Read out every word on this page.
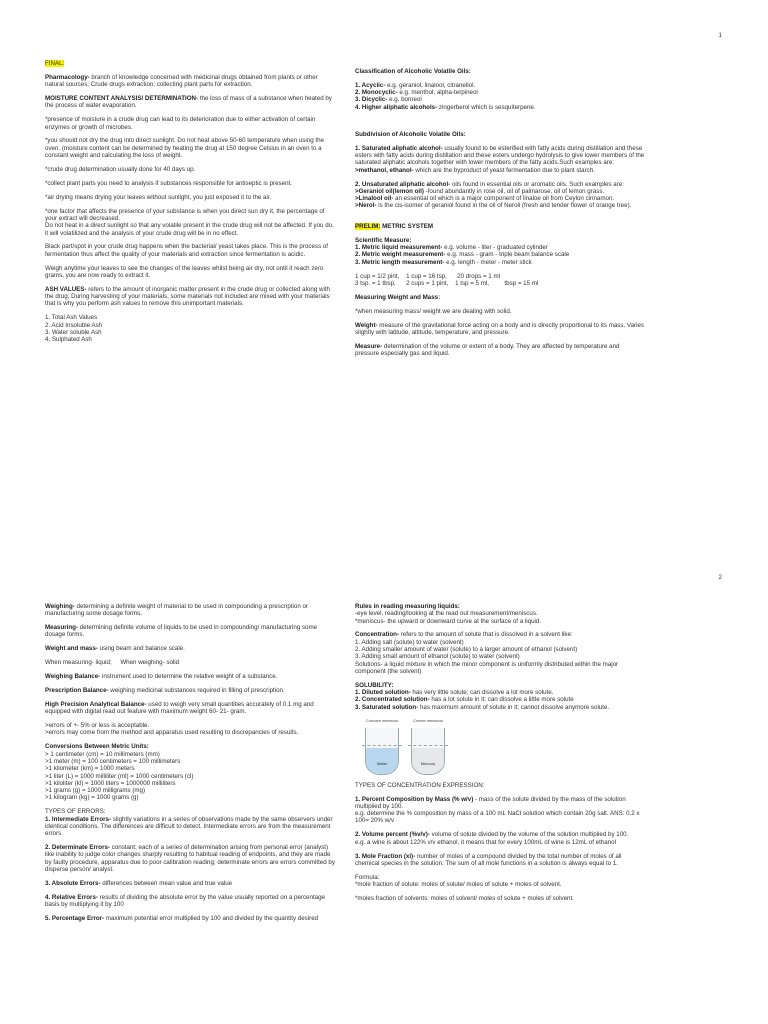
1

FINAL:

Pharmacology- branch of knowledge concerned with medicinal drugs obtained from plants or other natural sources; Crude drugs extraction; collecting plant parts for extraction.

MOISTURE CONTENT ANALYSIS/ DETERMINATION- the loss of mass of a substance when heated by the process of water evaporation.

*presence of moisture in a crude drug can lead to its deterioration due to either activation of certain enzymes or growth of microbes.

*you should not dry the drug into direct sunlight. Do not heat above 50-60 temperature when using the oven. (moisture content can be determined by heating the drug at 150 degree Celsius in an oven to a constant weight and calculating the loss of weight.

*crude drug determination usually done for 40 days up.

*collect plant parts you need to analysis if substances responsible for antiseptic is present.

*air drying means drying your leaves without sunlight, you just exposed it to the air.

*one factor that affects the presence of your substance is when you direct sun dry it, the percentage of your extract will decreased.

Do not heat in a direct sunlight so that any volatile present in the crude drug will not be affected. If you do, it will volatilized and the analysis of your crude drug will be in no effect.

Black part/spot in your crude drug happens when the bacterial/ yeast takes place. This is the process of fermentation thus affect the quality of your materials and extraction since fermentation is acidic.

Weigh anytime your leaves to see the changes of the leaves whilst being air dry, not until it reach zero grams, you are now ready to extract it.

ASH VALUES- refers to the amount of inorganic matter present in the crude drug or collected along with the drug; During harvesting of your materials, some materials not included are mixed with your materials that is why you perform ash values to remove this unimportant materials.

1. Total Ash Values
2. Acid Insoluble Ash
3. Water soluble Ash
4. Sulphated Ash

Classification of Alcoholic Volatile Oils:

1. Acyclic- e.g. geraniol, linalool, citranellol.
2. Monocyclic- e.g. menthol, alpha-terpineol
3. Dicyclic- e.g. borneol
4. Higher aliphatic alcohols- zingerberol which is sesquiterpene.

Subdivision of Alcoholic Volatile Oils:

1. Saturated aliphatic alcohol- usually found to be esterified with fatty acids during distillation and these esters with fatty acids during distillation and these esters undergo hydrolysis to give lower members of the saturated aliphatic alcohols together with lower members of the fatty acids.Such examples are:
>methanol, ethanol- which are the byproduct of yeast fermentation due to plant starch.

2. Unsaturated aliphatic alcohol- oils found in essential oils or aromatic oils. Such examples are:
>Geraniol oil(lemon oil) -found abundantly in rose oil, oil of palmarose, oil of lemon grass.
>Linalool oil- an essential oil which is a major component of linaloe oil from Ceylon cinnamon.
>Nerol- is the cis-isomer of geraniol found in the oil of Neroli (fresh and tender flower of orange tree).

PRELIM: METRIC SYSTEM

Scientific Measure:
1. Metric liquid measurement- e.g. volume - liter - graduated cylinder
2. Metric weight measurement- e.g. mass - gram - triple beam balance scale
3. Metric length measurement- e.g. length - meter - meter stick

1 cup = 1/2 pint,    1 cup = 16 tsp,      20 drops = 1 ml
3 tsp. = 1 tbsp,      2 cups = 1 pint,    1 tsp = 5 ml,         tbsp = 15 ml

Measuring Weight and Mass:

*when measuring mass/ weight we are dealing with solid.

Weight- measure of the gravitational force acting on a body and is directly proportional to its mass. Varies slightly with latitude, altitude, temperature, and pressure.

Measure- determination of the volume or extent of a body. They are affected by temperature and pressure especially gas and liquid.

2

Weighing- determining a definite weight of material to be used in compounding a prescription or manufacturing some dosage forms.

Measuring- determining definite volume of liquids to be used in compounding/ manufacturing some dosage forms.

Weight and mass- using beam and balance scale.

When measuring- liquid;     When weighing- solid

Weighing Balance- instrument used to determine the relative weight of a substance.

Prescription Balance- weighing medicinal substances required in filling of prescription.

High Precision Analytical Balance- used to weigh very small quantities accurately of 0.1 mg and equipped with digital read out feature with maximum weight 60- 21- gram.

>errors of +- 5% or less is acceptable.
>errors may come from the method and apparatus used resulting to discrepancies of results.

Conversions Between Metric Units:

> 1 centimeter (cm) = 10 millimeters (mm)
>1 meter (m) = 100 centimeters = 100 millimeters
>1 kilometer (km) = 1000 meters
>1 liter (L) = 1000 milliliter (ml) = 1000 centimeters (cl)
>1 kiloliter (kl) = 1000 liters = 1000000 milliliters
>1 grams (g) = 1000 milligrams (mg)
>1 kilogram (kg) = 1000 grams (g)

TYPES OF ERRORS:

1. Intermediate Errors- slightly variations in a series of observations made by the same observers under identical conditions. The differences are difficult to detect. Intermediate errors are from the measurement errors

2. Determinate Errors- constant; each of a series of determination arising from personal error (analyst) like inability to judge color changes sharply resulting to habitual reading of endpoints, and they are made by faulty procedure, apparatus due to poor calibration reading; determinate errors are errors committed by disperse person/ analyst.

3. Absolute Errors- differences between mean value and true value

4. Relative Errors- results of dividing the absolute error by the value usually reported on a percentage basis by multiplying it by 100

5. Percentage Error- maximum potential error multiplied by 100 and divided by the quantity desired

Rules in reading measuring liquids:
-eye level, reading/looking at the read out measurement/meniscus.
*meniscus- the upward or downward curve at the surface of a liquid.

Concentration- refers to the amount of solute that is dissolved in a solvent like:

1. Adding salt (solute) to water (solvent)
2. Adding smaller amount of water (solute) to a larger amount of ethanol (solvent)
3. Adding small amount of ethanol (solute) to water (solvent)
Solutions- a liquid mixture in which the minor component is uniformly distributed within the major component (the solvent)

SOLUBILITY:
1. Diluted solution- has very little solute; can dissolve a lot more solute.
2. Concentrated solution- has a lot solute in it; can dissolve a little more solute
3. Saturated solution- has maximum amount of solute in it; cannot dissolve anymore solute.

Concave meniscus
Water
Convex meniscus
Mercury

TYPES OF CONCENTRATION EXPRESSION:

1. Percent Composition by Mass (% w/v) - mass of the solute divided by the mass of the solution multiplied by 100.
e.g. determine the % composition by mass of a 100 mL NaCl solution which contain 20g salt. ANS: 0.2 x 100= 20% w/v

2. Volume percent (%v/v)- volume of solute divided by the volume of the solution multiplied by 100.
e.g. a wine is about 122% v/v ethanol, it means that for every 100mL of wine is 12mL of ethanol

3. Mole Fraction (xi)- number of moles of a compound divided by the total number of moles of all chemical species in the solution. The sum of all mole functions in a solution is always equal to 1.

Formula:
*mole fraction of solute: moles of solute/ moles of solute + moles of solvent.

*moles fraction of solvents: moles of solvent/ moles of solute + moles of solvent.
